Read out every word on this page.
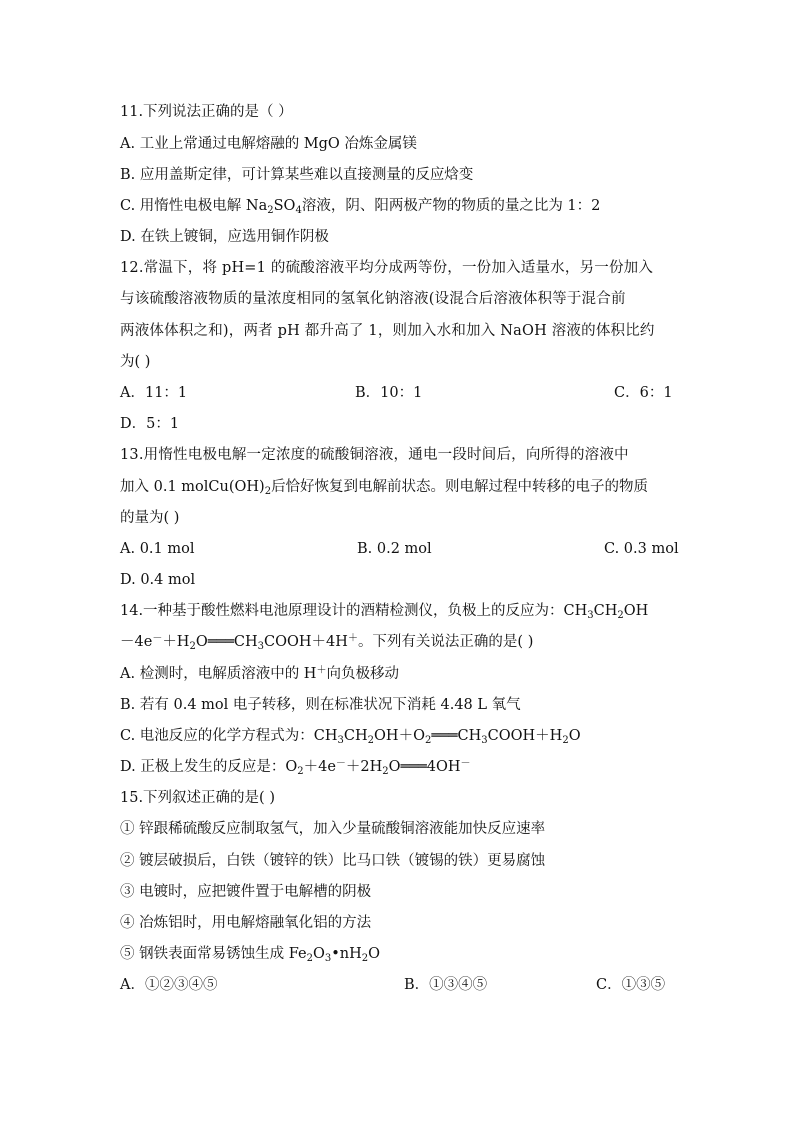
11.下列说法正确的是（ ）
A. 工业上常通过电解熔融的 MgO 冶炼金属镁
B. 应用盖斯定律，可计算某些难以直接测量的反应焓变
C. 用惰性电极电解 $Na_2SO_4$溶液，阴、阳两极产物的物质的量之比为 1：2
D. 在铁上镀铜，应选用铜作阴极
12.常温下，将 pH=1 的硫酸溶液平均分成两等份，一份加入适量水，另一份加入
与该硫酸溶液物质的量浓度相同的氢氧化钠溶液(设混合后溶液体积等于混合前
两液体体积之和)，两者 pH 都升高了 1，则加入水和加入 NaOH 溶液的体积比约
为( )
A．11：1	B．10：1	C．6：1
D．5：1
13.用惰性电极电解一定浓度的硫酸铜溶液，通电一段时间后，向所得的溶液中
加入 0.1 $molCu(OH)_2$后恰好恢复到电解前状态。则电解过程中转移的电子的物质
的量为( )
A. 0.1 mol	B. 0.2 mol	C. 0.3 mol
D. 0.4 mol
14.一种基于酸性燃料电池原理设计的酒精检测仪，负极上的反应为：$CH_3CH_2OH$
$-4e^-+H_2O═══CH_3COOH+4H^+$。下列有关说法正确的是( )
A. 检测时，电解质溶液中的 H＋向负极移动
B. 若有 0.4 mol 电子转移，则在标准状况下消耗 4.48 L 氧气
C. 电池反应的化学方程式为：$CH_3CH_2OH+O_2═══CH_3COOH+H_2O$
D. 正极上发生的反应是：$O_2+4e^-+2H_2O═══4OH^-$
15.下列叙述正确的是( )
① 锌跟稀硫酸反应制取氢气，加入少量硫酸铜溶液能加快反应速率
② 镀层破损后，白铁（镀锌的铁）比马口铁（镀锡的铁）更易腐蚀
③ 电镀时，应把镀件置于电解槽的阴极
④ 冶炼铝时，用电解熔融氧化铝的方法
⑤ 钢铁表面常易锈蚀生成 $Fe_2O_3•nH_2O$
A．①②③④⑤	B．①③④⑤	C．①③⑤
